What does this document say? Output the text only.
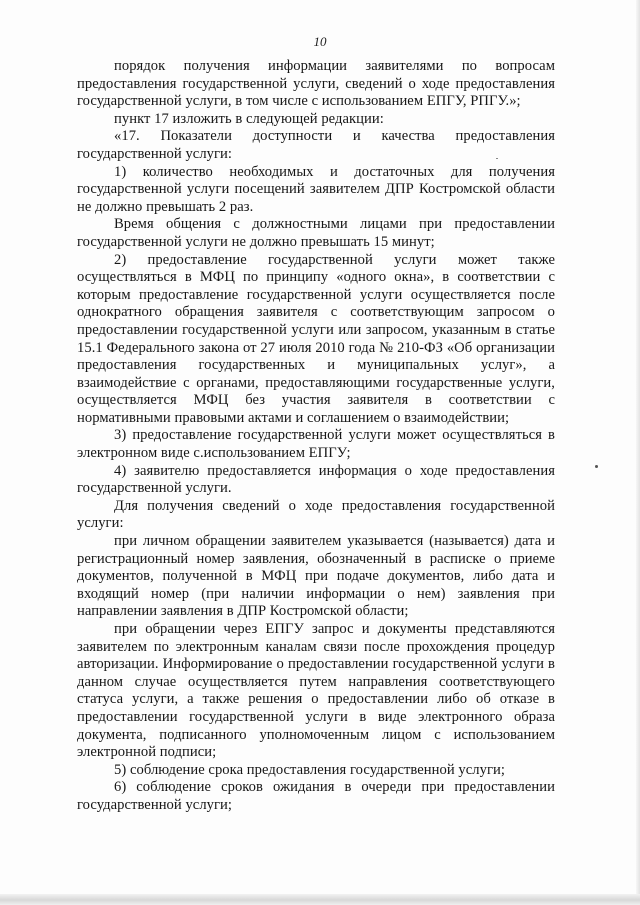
10

порядок получения информации заявителями по вопросам предоставления государственной услуги, сведений о ходе предоставления государственной услуги, в том числе с использованием ЕПГУ, РПГУ.»;

пункт 17 изложить в следующей редакции:

«17. Показатели доступности и качества предоставления государственной услуги:

1) количество необходимых и достаточных для получения государственной услуги посещений заявителем ДПР Костромской области не должно превышать 2 раз.

Время общения с должностными лицами при предоставлении государственной услуги не должно превышать 15 минут;

2) предоставление государственной услуги может также осуществляться в МФЦ по принципу «одного окна», в соответствии с которым предоставление государственной услуги осуществляется после однократного обращения заявителя с соответствующим запросом о предоставлении государственной услуги или запросом, указанным в статье 15.1 Федерального закона от 27 июля 2010 года № 210-ФЗ «Об организации предоставления государственных и муниципальных услуг», а взаимодействие с органами, предоставляющими государственные услуги, осуществляется МФЦ без участия заявителя в соответствии с нормативными правовыми актами и соглашением о взаимодействии;

3) предоставление государственной услуги может осуществляться в электронном виде с.использованием ЕПГУ;

4) заявителю предоставляется информация о ходе предоставления государственной услуги.

Для получения сведений о ходе предоставления государственной услуги:

при личном обращении заявителем указывается (называется) дата и регистрационный номер заявления, обозначенный в расписке о приеме документов, полученной в МФЦ при подаче документов, либо дата и входящий номер (при наличии информации о нем) заявления при направлении заявления в ДПР Костромской области;

при обращении через ЕПГУ запрос и документы представляются заявителем по электронным каналам связи после прохождения процедур авторизации. Информирование о предоставлении государственной услуги в данном случае осуществляется путем направления соответствующего статуса услуги, а также решения о предоставлении либо об отказе в предоставлении государственной услуги в виде электронного образа документа, подписанного уполномоченным лицом с использованием электронной подписи;

5) соблюдение срока предоставления государственной услуги;

6) соблюдение сроков ожидания в очереди при предоставлении государственной услуги;
